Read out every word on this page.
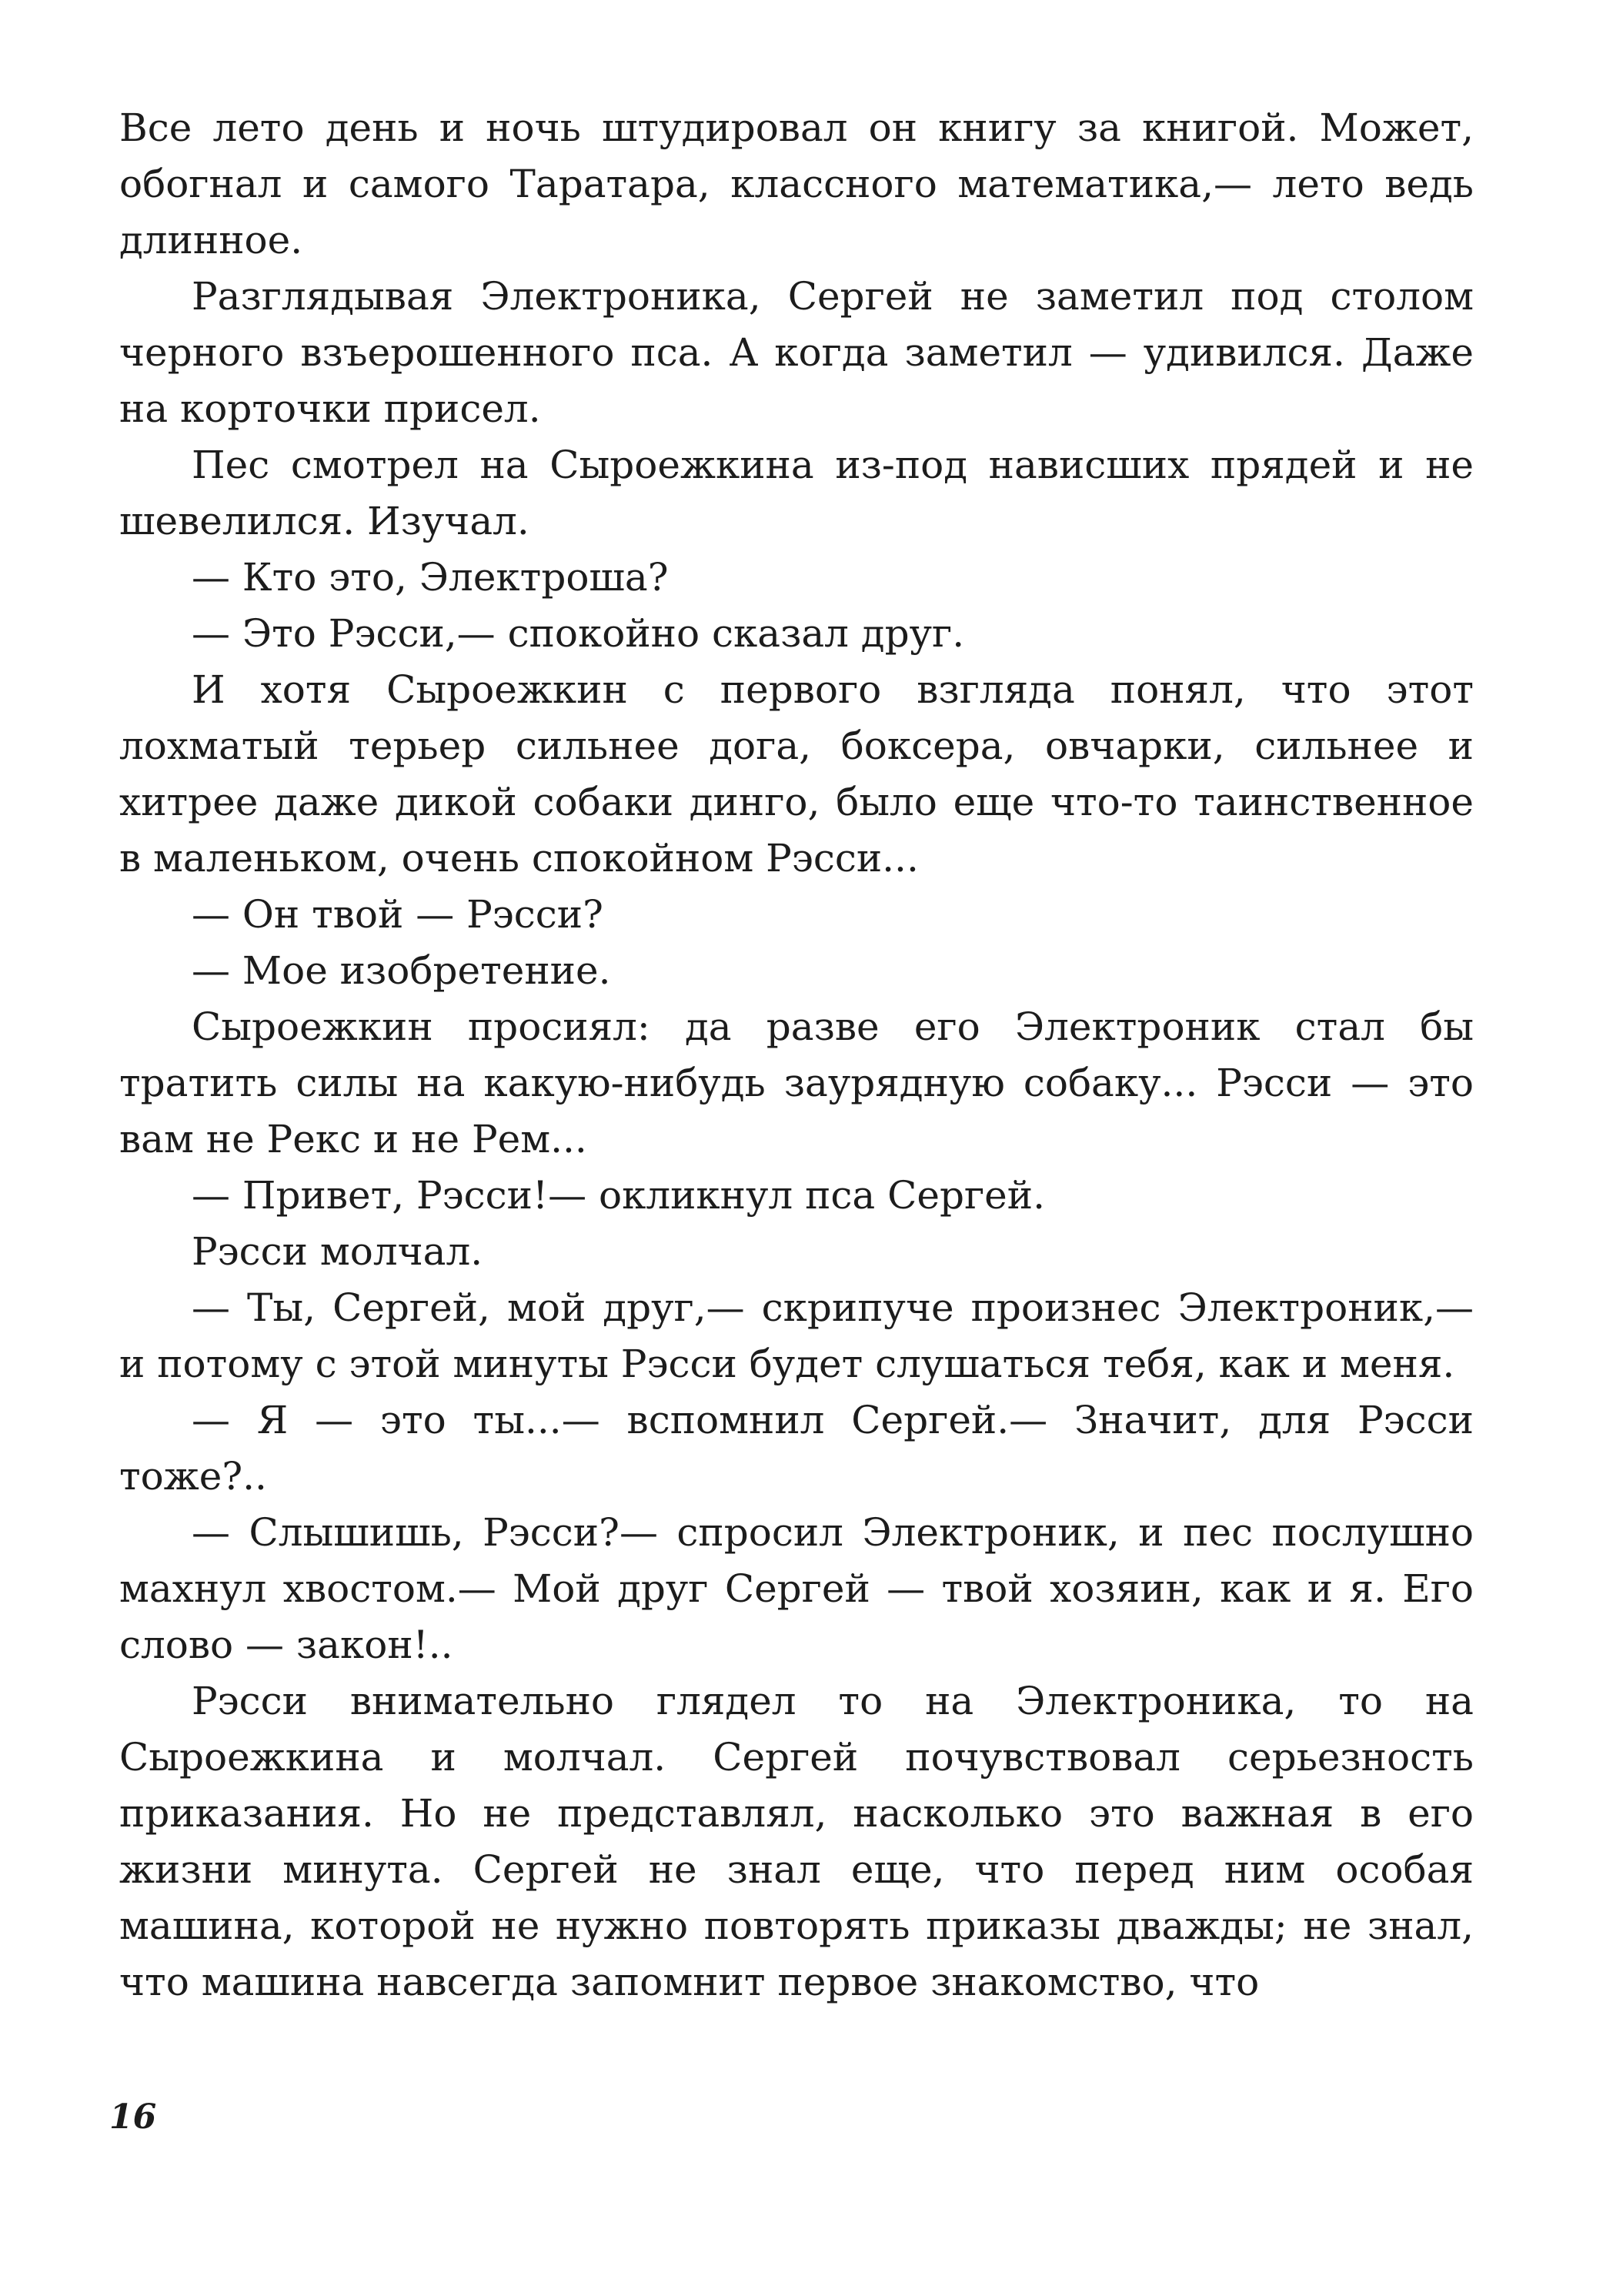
Все лето день и ночь штудировал он книгу за книгой. Может, обогнал и самого Таратара, классного математика,— лето ведь длинное.

Разглядывая Электроника, Сергей не заметил под столом черного взъерошенного пса. А когда заметил — удивился. Даже на корточки присел.

Пес смотрел на Сыроежкина из-под нависших прядей и не шевелился. Изучал.

— Кто это, Электроша?

— Это Рэсси,— спокойно сказал друг.

И хотя Сыроежкин с первого взгляда понял, что этот лохматый терьер сильнее дога, боксера, овчарки, сильнее и хитрее даже дикой собаки динго, было еще что-то таинственное в маленьком, очень спокойном Рэсси...

— Он твой — Рэсси?

— Мое изобретение.

Сыроежкин просиял: да разве его Электроник стал бы тратить силы на какую-нибудь заурядную собаку... Рэсси — это вам не Рекс и не Рем...

— Привет, Рэсси!— окликнул пса Сергей.

Рэсси молчал.

— Ты, Сергей, мой друг,— скрипуче произнес Электроник,— и потому с этой минуты Рэсси будет слушаться тебя, как и меня.

— Я — это ты...— вспомнил Сергей.— Значит, для Рэсси тоже?..

— Слышишь, Рэсси?— спросил Электроник, и пес послушно махнул хвостом.— Мой друг Сергей — твой хозяин, как и я. Его слово — закон!..

Рэсси внимательно глядел то на Электроника, то на Сыроежкина и молчал. Сергей почувствовал серьезность приказания. Но не представлял, насколько это важная в его жизни минута. Сергей не знал еще, что перед ним особая машина, которой не нужно повторять приказы дважды; не знал, что машина навсегда запомнит первое знакомство, что

16
